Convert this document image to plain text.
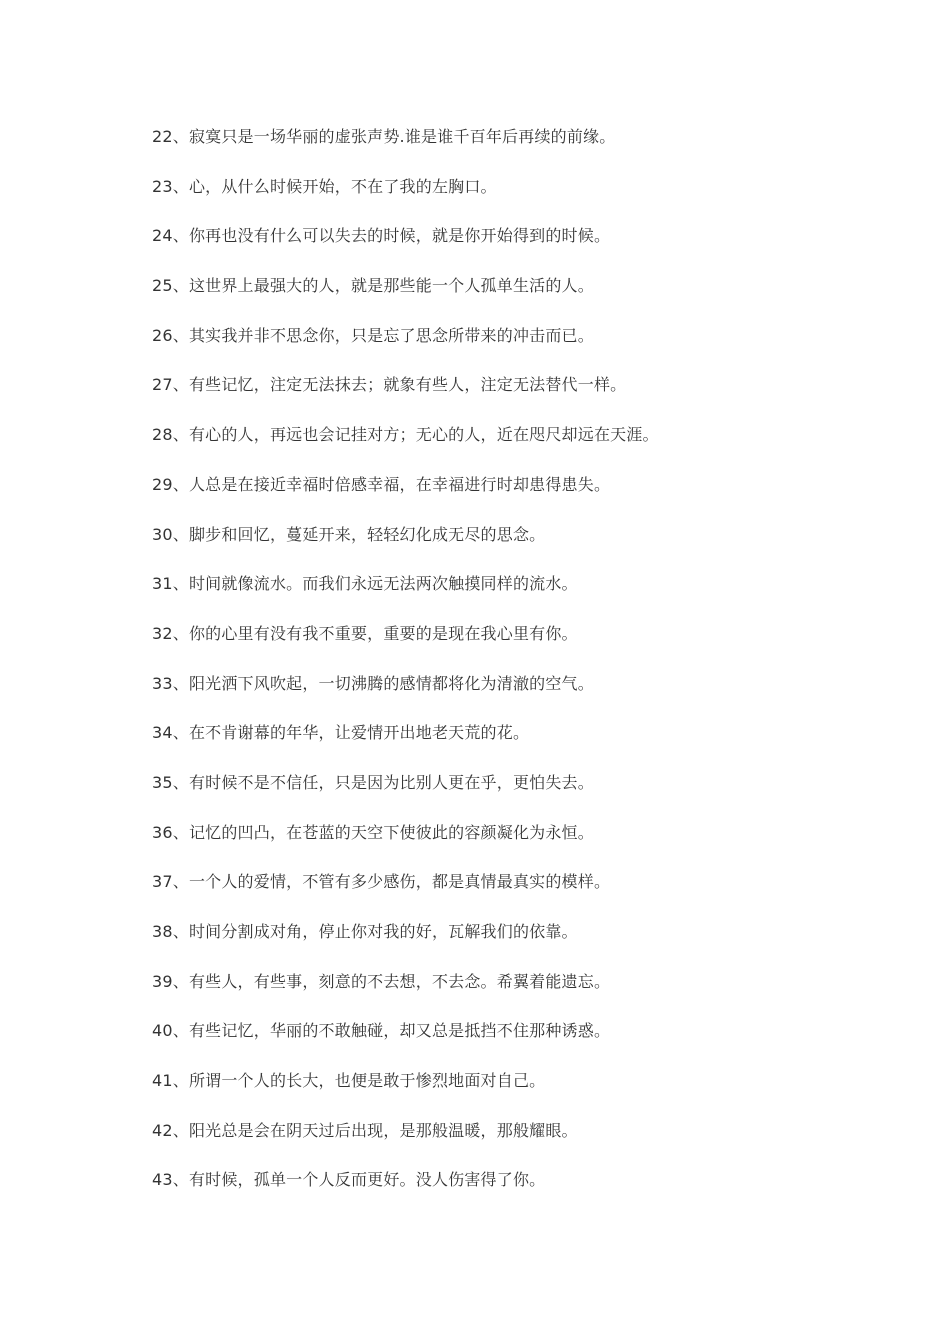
22、寂寞只是一场华丽的虚张声势.谁是谁千百年后再续的前缘。
23、心，从什么时候开始，不在了我的左胸口。
24、你再也没有什么可以失去的时候，就是你开始得到的时候。
25、这世界上最强大的人，就是那些能一个人孤单生活的人。
26、其实我并非不思念你，只是忘了思念所带来的冲击而已。
27、有些记忆，注定无法抹去；就象有些人，注定无法替代一样。
28、有心的人，再远也会记挂对方；无心的人，近在咫尺却远在天涯。
29、人总是在接近幸福时倍感幸福，在幸福进行时却患得患失。
30、脚步和回忆，蔓延开来，轻轻幻化成无尽的思念。
31、时间就像流水。而我们永远无法两次触摸同样的流水。
32、你的心里有没有我不重要，重要的是现在我心里有你。
33、阳光洒下风吹起，一切沸腾的感情都将化为清澈的空气。
34、在不肯谢幕的年华，让爱情开出地老天荒的花。
35、有时候不是不信任，只是因为比别人更在乎，更怕失去。
36、记忆的凹凸，在苍蓝的天空下使彼此的容颜凝化为永恒。
37、一个人的爱情，不管有多少感伤，都是真情最真实的模样。
38、时间分割成对角，停止你对我的好，瓦解我们的依靠。
39、有些人，有些事，刻意的不去想，不去念。希翼着能遗忘。
40、有些记忆，华丽的不敢触碰，却又总是抵挡不住那种诱惑。
41、所谓一个人的长大，也便是敢于惨烈地面对自己。
42、阳光总是会在阴天过后出现，是那般温暖，那般耀眼。
43、有时候，孤单一个人反而更好。没人伤害得了你。
